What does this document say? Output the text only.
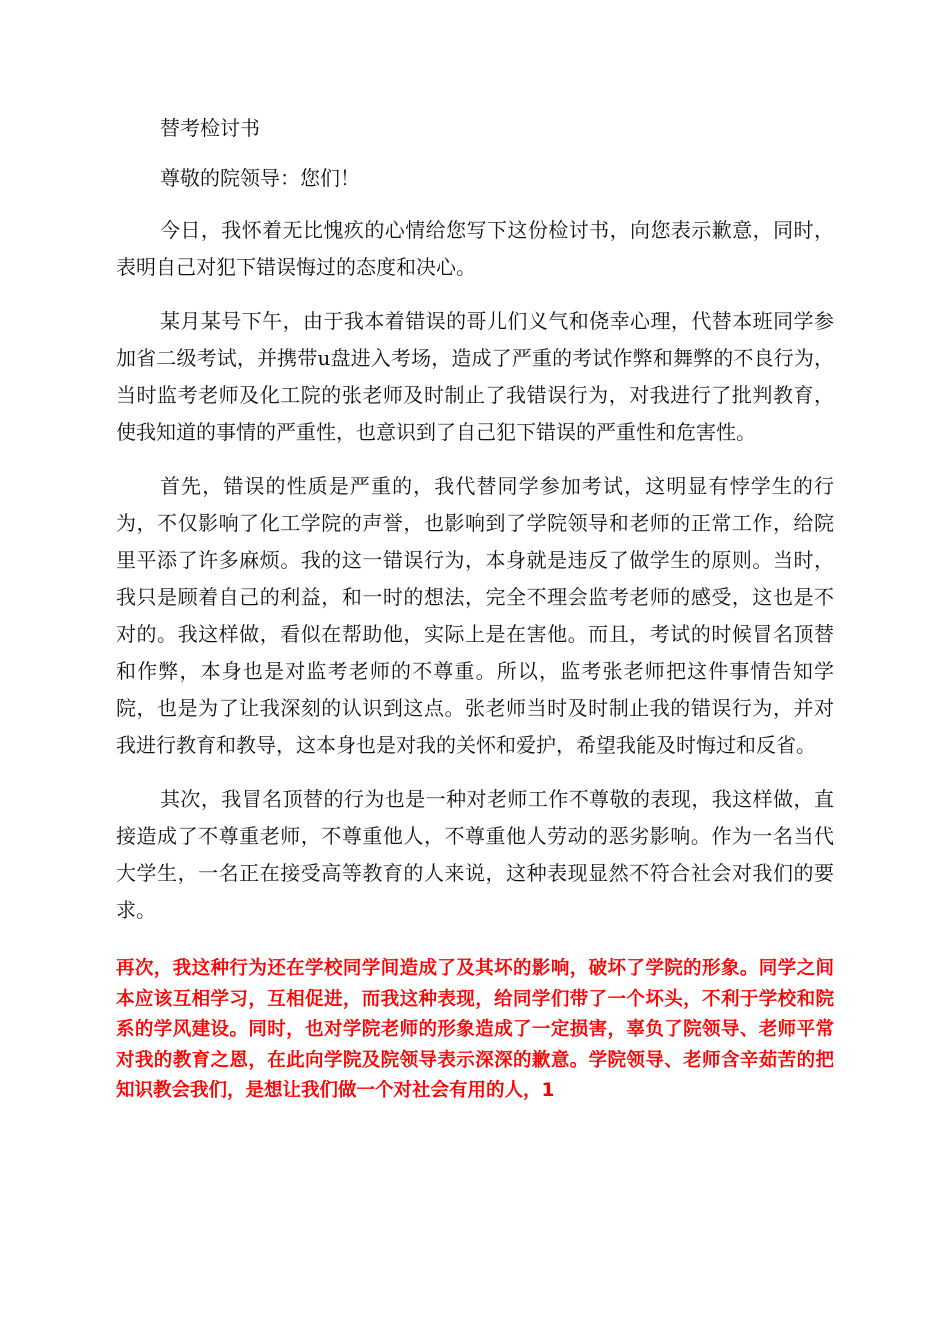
替考检讨书

尊敬的院领导：您们！

今日，我怀着无比愧疚的心情给您写下这份检讨书，向您表示歉意，同时，表明自己对犯下错误悔过的态度和决心。

某月某号下午，由于我本着错误的哥儿们义气和侥幸心理，代替本班同学参加省二级考试，并携带u盘进入考场，造成了严重的考试作弊和舞弊的不良行为，当时监考老师及化工院的张老师及时制止了我错误行为，对我进行了批判教育，使我知道的事情的严重性，也意识到了自己犯下错误的严重性和危害性。

首先，错误的性质是严重的，我代替同学参加考试，这明显有悖学生的行为，不仅影响了化工学院的声誉，也影响到了学院领导和老师的正常工作，给院里平添了许多麻烦。我的这一错误行为，本身就是违反了做学生的原则。当时，我只是顾着自己的利益，和一时的想法，完全不理会监考老师的感受，这也是不对的。我这样做，看似在帮助他，实际上是在害他。而且，考试的时候冒名顶替和作弊，本身也是对监考老师的不尊重。所以，监考张老师把这件事情告知学院，也是为了让我深刻的认识到这点。张老师当时及时制止我的错误行为，并对我进行教育和教导，这本身也是对我的关怀和爱护，希望我能及时悔过和反省。

其次，我冒名顶替的行为也是一种对老师工作不尊敬的表现，我这样做，直接造成了不尊重老师，不尊重他人，不尊重他人劳动的恶劣影响。作为一名当代大学生，一名正在接受高等教育的人来说，这种表现显然不符合社会对我们的要求。

再次，我这种行为还在学校同学间造成了及其坏的影响，破坏了学院的形象。同学之间本应该互相学习，互相促进，而我这种表现，给同学们带了一个坏头，不利于学校和院系的学风建设。同时，也对学院老师的形象造成了一定损害，辜负了院领导、老师平常对我的教育之恩，在此向学院及院领导表示深深的歉意。学院领导、老师含辛茹苦的把知识教会我们，是想让我们做一个对社会有用的人，1
